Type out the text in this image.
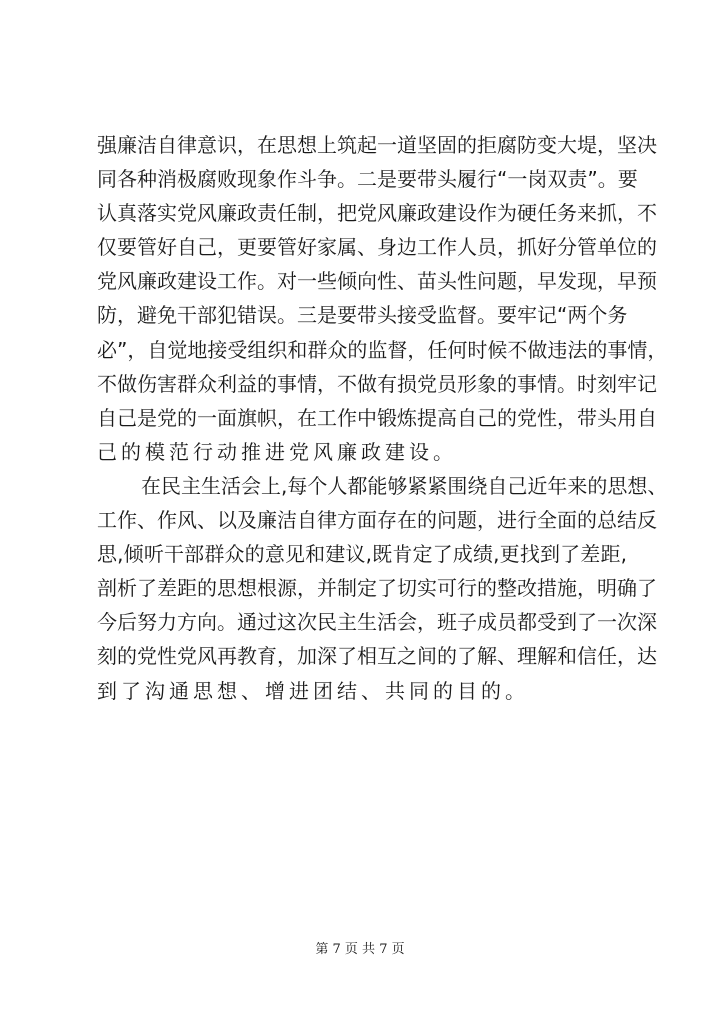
强廉洁自律意识，在思想上筑起一道坚固的拒腐防变大堤，坚决
同各种消极腐败现象作斗争。二是要带头履行“一岗双责”。要
认真落实党风廉政责任制，把党风廉政建设作为硬任务来抓，不
仅要管好自己，更要管好家属、身边工作人员，抓好分管单位的
党风廉政建设工作。对一些倾向性、苗头性问题，早发现，早预
防，避免干部犯错误。三是要带头接受监督。要牢记“两个务
必”，自觉地接受组织和群众的监督，任何时候不做违法的事情，
不做伤害群众利益的事情，不做有损党员形象的事情。时刻牢记
自己是党的一面旗帜，在工作中锻炼提高自己的党性，带头用自
己的模范行动推进党风廉政建设。
在民主生活会上,每个人都能够紧紧围绕自己近年来的思想、
工作、作风、以及廉洁自律方面存在的问题，进行全面的总结反
思,倾听干部群众的意见和建议,既肯定了成绩,更找到了差距,
剖析了差距的思想根源，并制定了切实可行的整改措施，明确了
今后努力方向。通过这次民主生活会，班子成员都受到了一次深
刻的党性党风再教育，加深了相互之间的了解、理解和信任，达
到了沟通思想、增进团结、共同的目的。
第 7 页 共 7 页
